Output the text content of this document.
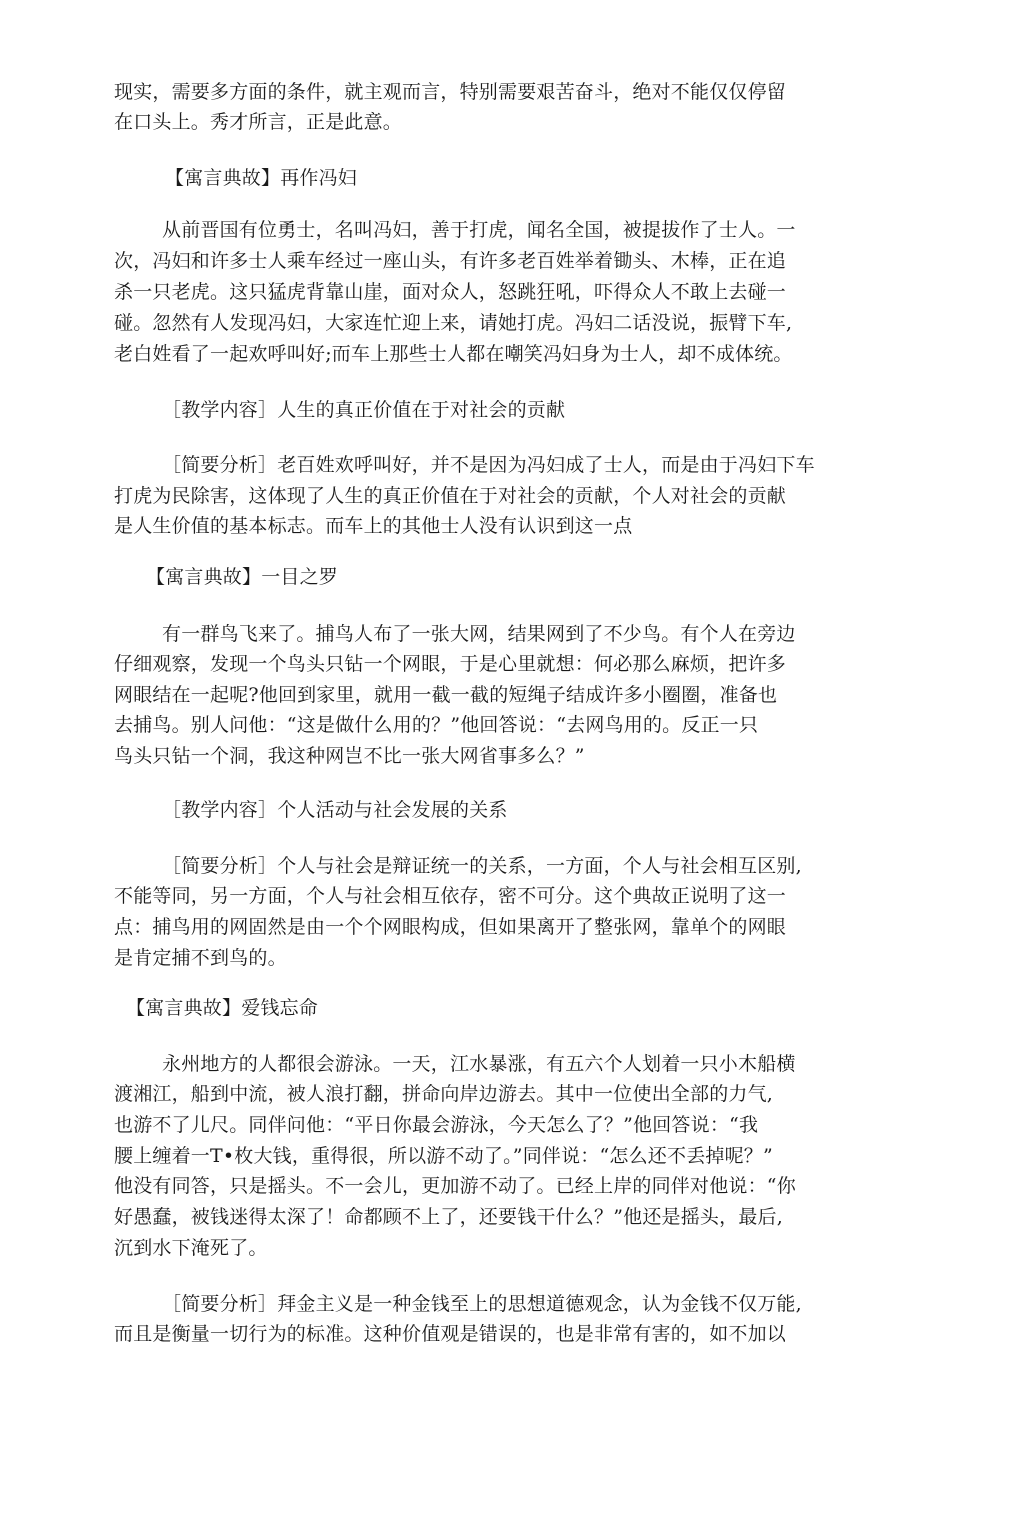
现实，需要多方面的条件，就主观而言，特别需要艰苦奋斗，绝对不能仅仅停留
在口头上。秀才所言，正是此意。
【寓言典故】再作冯妇
从前晋国有位勇士，名叫冯妇，善于打虎，闻名全国，被提拔作了士人。一
次，冯妇和许多士人乘车经过一座山头，有许多老百姓举着锄头、木棒，正在追
杀一只老虎。这只猛虎背靠山崖，面对众人，怒跳狂吼，吓得众人不敢上去碰一
碰。忽然有人发现冯妇，大家连忙迎上来，请她打虎。冯妇二话没说，振臂下车,
老白姓看了一起欢呼叫好;而车上那些士人都在嘲笑冯妇身为士人，却不成体统。
［教学内容］人生的真正价值在于对社会的贡献
［简要分析］老百姓欢呼叫好，并不是因为冯妇成了士人，而是由于冯妇下车
打虎为民除害，这体现了人生的真正价值在于对社会的贡献，个人对社会的贡献
是人生价值的基本标志。而车上的其他士人没有认识到这一点
【寓言典故】一目之罗
有一群鸟飞来了。捕鸟人布了一张大网，结果网到了不少鸟。有个人在旁边
仔细观察，发现一个鸟头只钻一个网眼，于是心里就想：何必那么麻烦，把许多
网眼结在一起呢?他回到家里，就用一截一截的短绳子结成许多小圈圈，准备也
去捕鸟。别人问他：“这是做什么用的？”他回答说：“去网鸟用的。反正一只
鸟头只钻一个洞，我这种网岂不比一张大网省事多么？”
［教学内容］个人活动与社会发展的关系
［简要分析］个人与社会是辩证统一的关系，一方面，个人与社会相互区别,
不能等同，另一方面，个人与社会相互依存，密不可分。这个典故正说明了这一
点：捕鸟用的网固然是由一个个网眼构成，但如果离开了整张网，靠单个的网眼
是肯定捕不到鸟的。
【寓言典故】爱钱忘命
永州地方的人都很会游泳。一天，江水暴涨，有五六个人划着一只小木船横
渡湘江，船到中流，被人浪打翻，拼命向岸边游去。其中一位使出全部的力气,
也游不了儿尺。同伴问他：“平日你最会游泳，今天怎么了？”他回答说：“我
腰上缠着一T•枚大钱，重得很，所以游不动了。”同伴说：“怎么还不丢掉呢？”
他没有同答，只是摇头。不一会儿，更加游不动了。已经上岸的同伴对他说：“你
好愚蠢，被钱迷得太深了！命都顾不上了，还要钱干什么？”他还是摇头，最后,
沉到水下淹死了。
［简要分析］拜金主义是一种金钱至上的思想道德观念，认为金钱不仅万能,
而且是衡量一切行为的标准。这种价值观是错误的，也是非常有害的，如不加以
